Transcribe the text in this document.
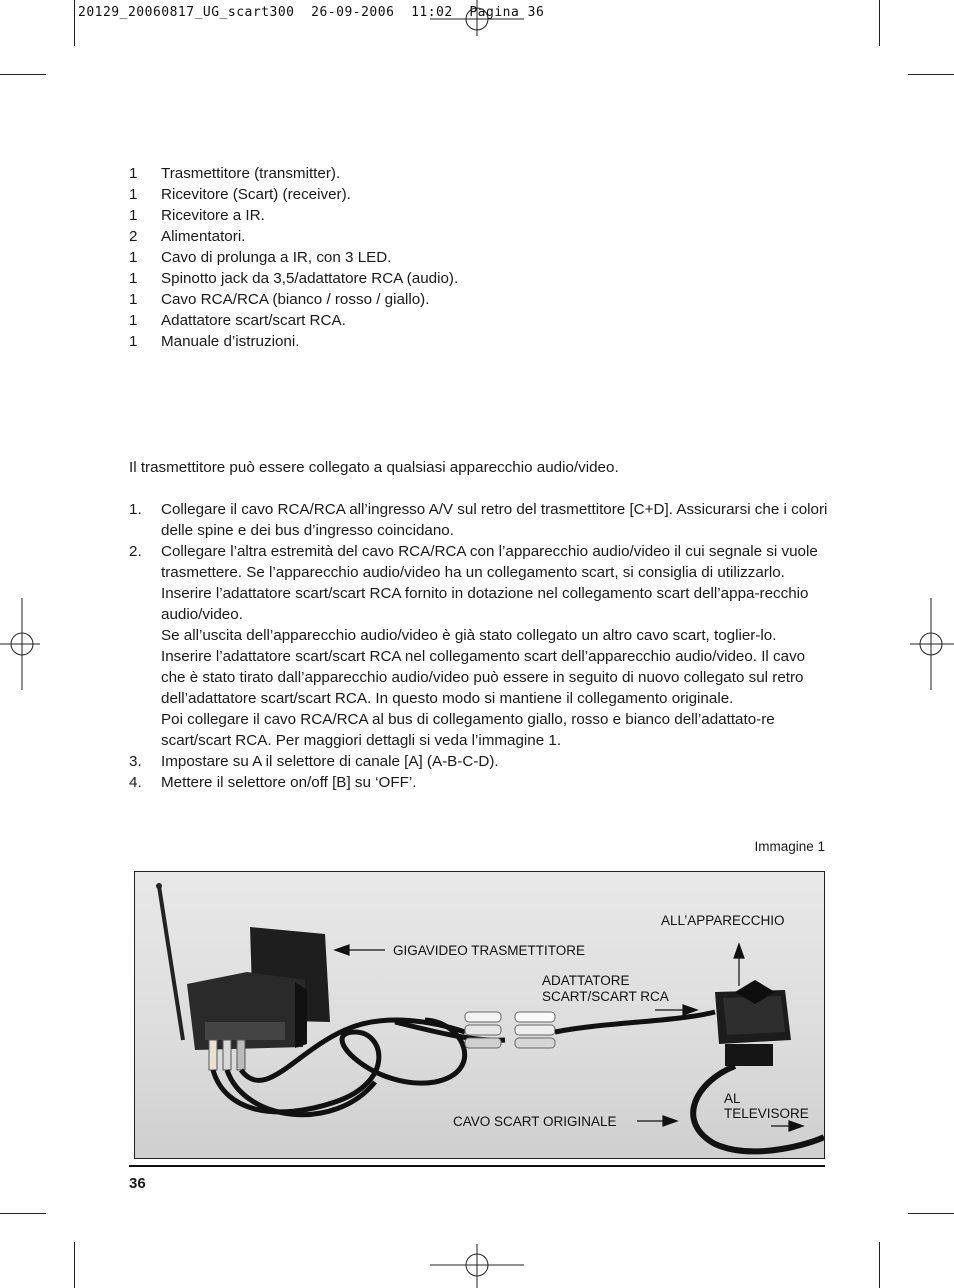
20129_20060817_UG_scart300  26-09-2006  11:02  Pagina 36
1	Trasmettitore (transmitter).
1	Ricevitore (Scart) (receiver).
1	Ricevitore a IR.
2	Alimentatori.
1	Cavo di prolunga a IR, con 3 LED.
1	Spinotto jack da 3,5/adattatore RCA (audio).
1	Cavo RCA/RCA (bianco / rosso / giallo).
1	Adattatore scart/scart RCA.
1	Manuale d’istruzioni.
Il trasmettitore può essere collegato a qualsiasi apparecchio audio/video.
1.	Collegare il cavo RCA/RCA all’ingresso A/V sul retro del trasmettitore [C+D]. Assicurarsi che i colori delle spine e dei bus d’ingresso coincidano.

2.	Collegare l’altra estremità del cavo RCA/RCA con l’apparecchio audio/video il cui segnale si vuole trasmettere. Se l’apparecchio audio/video ha un collegamento scart, si consiglia di utilizzarlo.

Inserire l’adattatore scart/scart RCA fornito in dotazione nel collegamento scart dell’appa-recchio audio/video.

Se all’uscita dell’apparecchio audio/video è già stato collegato un altro cavo scart, toglier-lo. Inserire l’adattatore scart/scart RCA nel collegamento scart dell’apparecchio audio/video. Il cavo che è stato tirato dall’apparecchio audio/video può essere in seguito di nuovo collegato sul retro dell’adattatore scart/scart RCA. In questo modo si mantiene il collegamento originale.

Poi collegare il cavo RCA/RCA al bus di collegamento giallo, rosso e bianco dell’adattato-re scart/scart RCA. Per maggiori dettagli si veda l’immagine 1.

3.	Impostare su A il selettore di canale [A] (A-B-C-D).

4.	Mettere il selettore on/off [B] su ‘OFF’.

Immagine 1
GIGAVIDEO TRASMETTITORE
ALL’APPARECCHIO
ADATTATORE
SCART/SCART RCA
AL
TELEVISORE
CAVO SCART ORIGINALE
36
